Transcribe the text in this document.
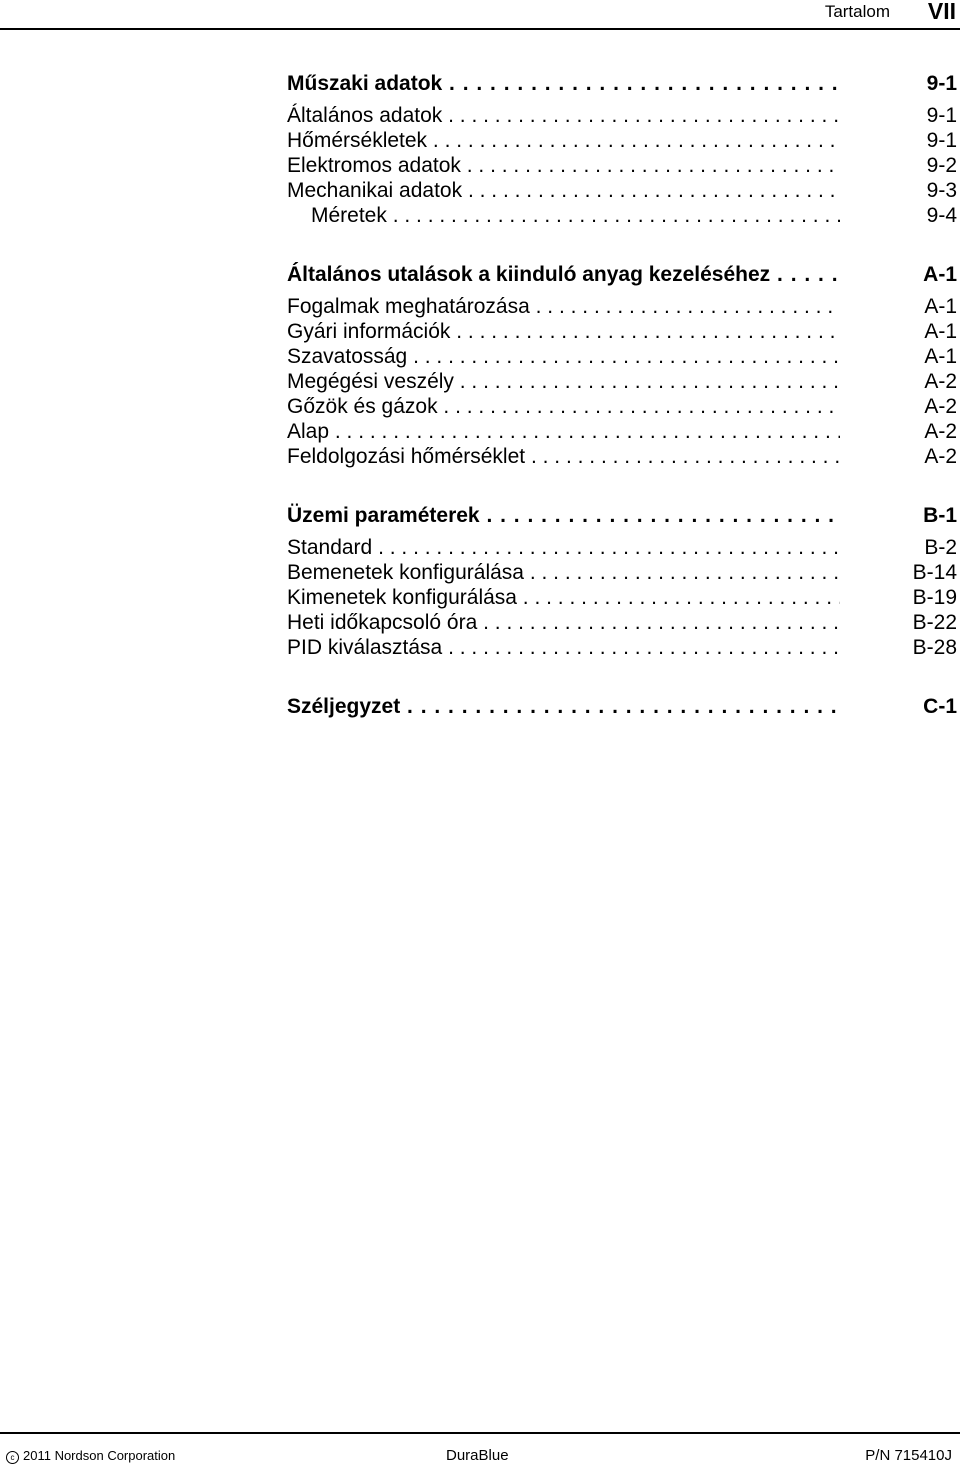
Tartalom VII
Műszaki adatok . . .	9-1
Általános adatok . . .	9-1
Hőmérsékletek . . .	9-1
Elektromos adatok . . .	9-2
Mechanikai adatok . . .	9-3
Méretek . . .	9-4
Általános utalások a kiinduló anyag kezeléséhez . . .	A-1
Fogalmak meghatározása . . .	A-1
Gyári információk . . .	A-1
Szavatosság . . .	A-1
Megégési veszély . . .	A-2
Gőzök és gázok . . .	A-2
Alap . . .	A-2
Feldolgozási hőmérséklet . . .	A-2
Üzemi paraméterek . . .	B-1
Standard . . .	B-2
Bemenetek konfigurálása . . .	B-14
Kimenetek konfigurálása . . .	B-19
Heti időkapcsoló óra . . .	B-22
PID kiválasztása . . .	B-28
Széljegyzet . . .	C-1
c 2011 Nordson Corporation	DuraBlue	P/N 715410J
